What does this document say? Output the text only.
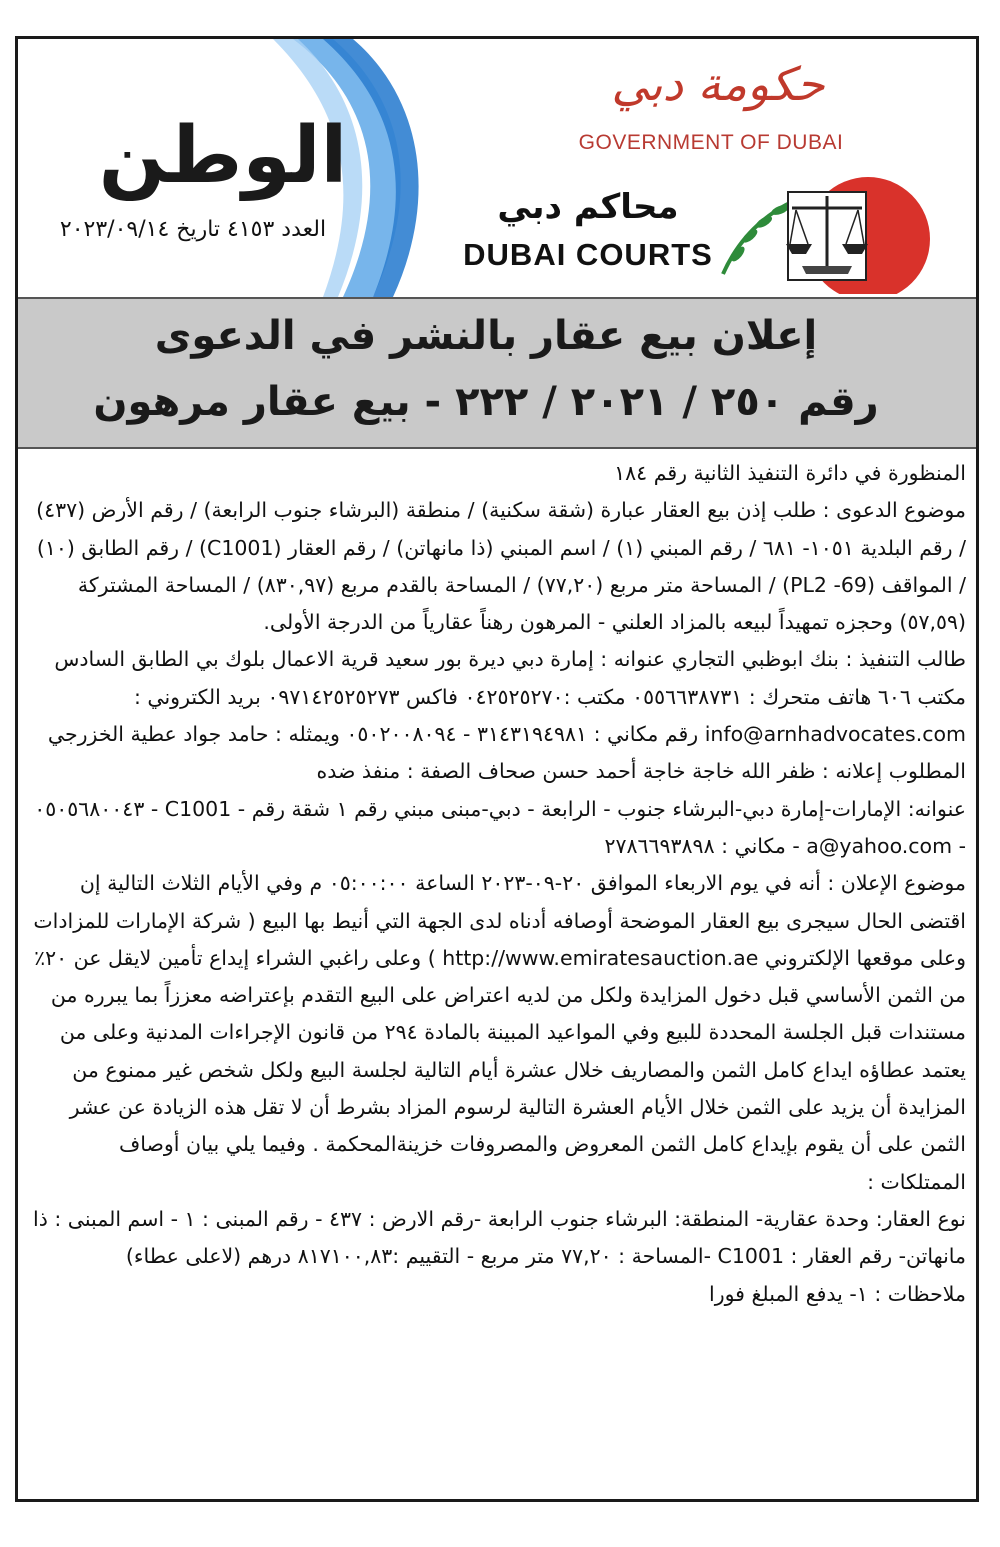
الوطن
العدد ٤١٥٣ تاريخ ٢٠٢٣/٠٩/١٤
حكومة دبي
GOVERNMENT OF DUBAI
محاكم دبي
DUBAI COURTS
إعلان بيع عقار بالنشر في الدعوى
رقم ٢٥٠ / ٢٠٢١ / ٢٢٢ - بيع عقار مرهون

المنظورة في دائرة التنفيذ الثانية رقم ١٨٤

موضوع الدعوى : طلب إذن بيع العقار عبارة (شقة سكنية) / منطقة (البرشاء جنوب الرابعة) / رقم الأرض (٤٣٧) / رقم البلدية ١٠٥١- ٦٨١ / رقم المبني (١) / اسم المبني (ذا مانهاتن) / رقم العقار (C1001) / رقم الطابق (١٠) / المواقف (PL2 -69) / المساحة متر مربع (٧٧,٢٠) / المساحة بالقدم مربع (٨٣٠,٩٧) / المساحة المشتركة (٥٧,٥٩) وحجزه تمهيداً لبيعه بالمزاد العلني - المرهون رهناً عقارياً من الدرجة الأولى.

طالب التنفيذ : بنك ابوظبي التجاري عنوانه : إمارة دبي ديرة بور سعيد قرية الاعمال بلوك بي الطابق السادس مكتب ٦٠٦ هاتف متحرك : ٠٥٥٦٦٣٨٧٣١ مكتب :٠٤٢٥٢٥٢٧٠ فاكس ٠٩٧١٤٢٥٢٥٢٧٣ بريد الكتروني : info@arnhadvocates.com رقم مكاني : ٣١٤٣١٩٤٩٨١ - ٠٥٠٢٠٠٨٠٩٤ ويمثله : حامد جواد عطية الخزرجي

المطلوب إعلانه : ظفر الله خاجة خاجة أحمد حسن صحاف الصفة : منفذ ضده

عنوانه: الإمارات-إمارة دبي-البرشاء جنوب - الرابعة - دبي-مبنى مبني رقم ١ شقة رقم - C1001 - ٠٥٠٥٦٨٠٠٤٣ - a@yahoo.com - مكاني : ٢٧٨٦٦٩٣٨٩٨

موضوع الإعلان : أنه في يوم الاربعاء الموافق ٢٠-٠٩-٢٠٢٣ الساعة ٠٥:٠٠:٠٠ م وفي الأيام الثلاث التالية إن اقتضى الحال سيجرى بيع العقار الموضحة أوصافه أدناه لدى الجهة التي أنيط بها البيع ( شركة الإمارات للمزادات وعلى موقعها الإلكتروني http://www.emiratesauction.ae ) وعلى راغبي الشراء إيداع تأمين لايقل عن ٢٠٪ من الثمن الأساسي قبل دخول المزايدة ولكل من لديه اعتراض على البيع التقدم بإعتراضه معززاً بما يبرره من مستندات قبل الجلسة المحددة للبيع وفي المواعيد المبينة بالمادة ٢٩٤ من قانون الإجراءات المدنية وعلى من يعتمد عطاؤه ايداع كامل الثمن والمصاريف خلال عشرة أيام التالية لجلسة البيع ولكل شخص غير ممنوع من المزايدة أن يزيد على الثمن خلال الأيام العشرة التالية لرسوم المزاد بشرط أن لا تقل هذه الزيادة عن عشر الثمن على أن يقوم بإيداع كامل الثمن المعروض والمصروفات خزينةالمحكمة . وفيما يلي بيان أوصاف الممتلكات :

نوع العقار: وحدة عقارية- المنطقة: البرشاء جنوب الرابعة -رقم الارض : ٤٣٧ - رقم المبنى : ١ - اسم المبنى : ذا مانهاتن- رقم العقار : C1001 -المساحة : ٧٧,٢٠ متر مربع - التقييم :٨١٧١٠٠,٨٣ درهم (لاعلى عطاء)

ملاحظات : ١- يدفع المبلغ فورا
